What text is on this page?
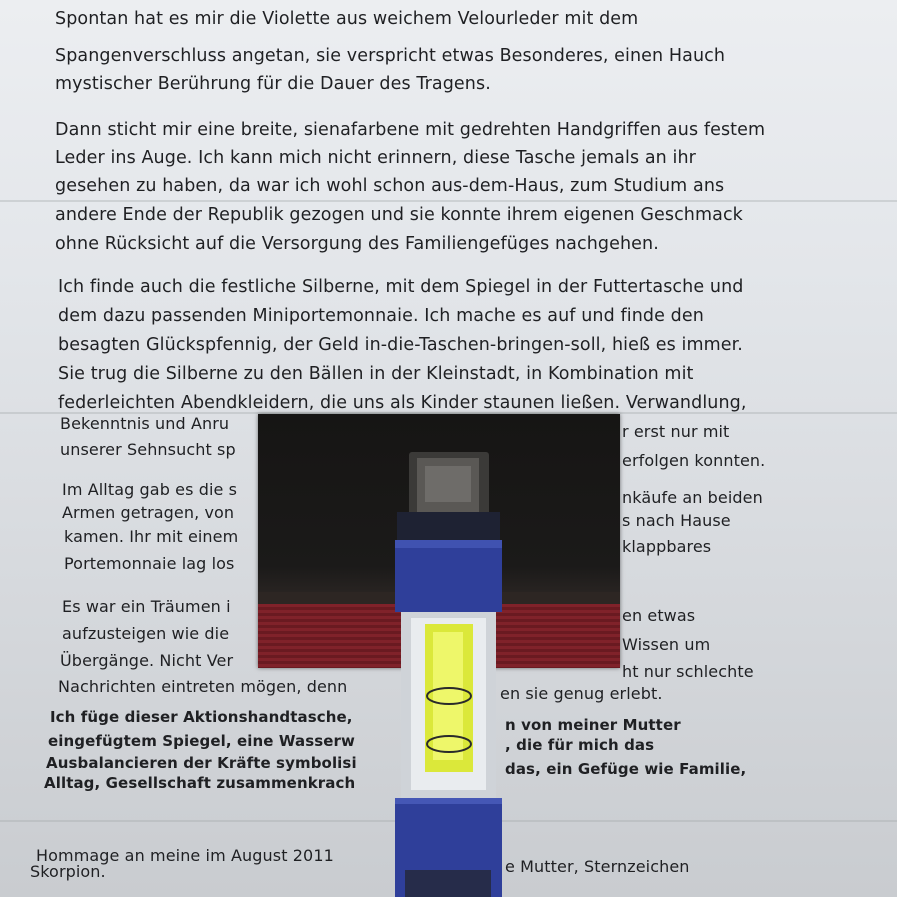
Spontan hat es mir die Violette aus weichem Velourleder mit dem
Spangenverschluss angetan, sie verspricht etwas Besonderes, einen Hauch
mystischer Berührung für die Dauer des Tragens.
Dann sticht mir eine breite, sienafarbene mit gedrehten Handgriffen aus festem
Leder ins Auge. Ich kann mich nicht erinnern, diese Tasche jemals an ihr
gesehen zu haben, da war ich wohl schon aus-dem-Haus, zum Studium ans
andere Ende der Republik gezogen und sie konnte ihrem eigenen Geschmack
ohne Rücksicht auf die Versorgung des Familiengefüges nachgehen.
Ich finde auch die festliche Silberne, mit dem Spiegel in der Futtertasche und
dem dazu passenden Miniportemonnaie. Ich mache es auf und finde den
besagten Glückspfennig, der Geld in-die-Taschen-bringen-soll, hieß es immer.
Sie trug die Silberne zu den Bällen in der Kleinstadt, in Kombination mit
federleichten Abendkleidern, die uns als Kinder staunen ließen. Verwandlung,
Bekenntnis und Anru	r erst nur mit
unserer Sehnsucht sp
erfolgen konnten.
Im Alltag gab es die s	nkäufe an beiden
Armen getragen, von	s nach Hause
kamen. Ihr mit einem
klappbares
Portemonnaie lag los
Es war ein Träumen i	en etwas
aufzusteigen wie die
Wissen um
Übergänge. Nicht Ver
ht nur schlechte
Nachrichten eintreten mögen, denn	en sie genug erlebt.
Ich füge dieser Aktionshandtasche,	n von meiner Mutter
eingefügtem Spiegel, eine Wasserw	, die für mich das
Ausbalancieren der Kräfte symbolisi	das, ein Gefüge wie Familie,
Alltag, Gesellschaft zusammenkrach
Hommage an meine im August 2011
e Mutter, Sternzeichen
Skorpion.
